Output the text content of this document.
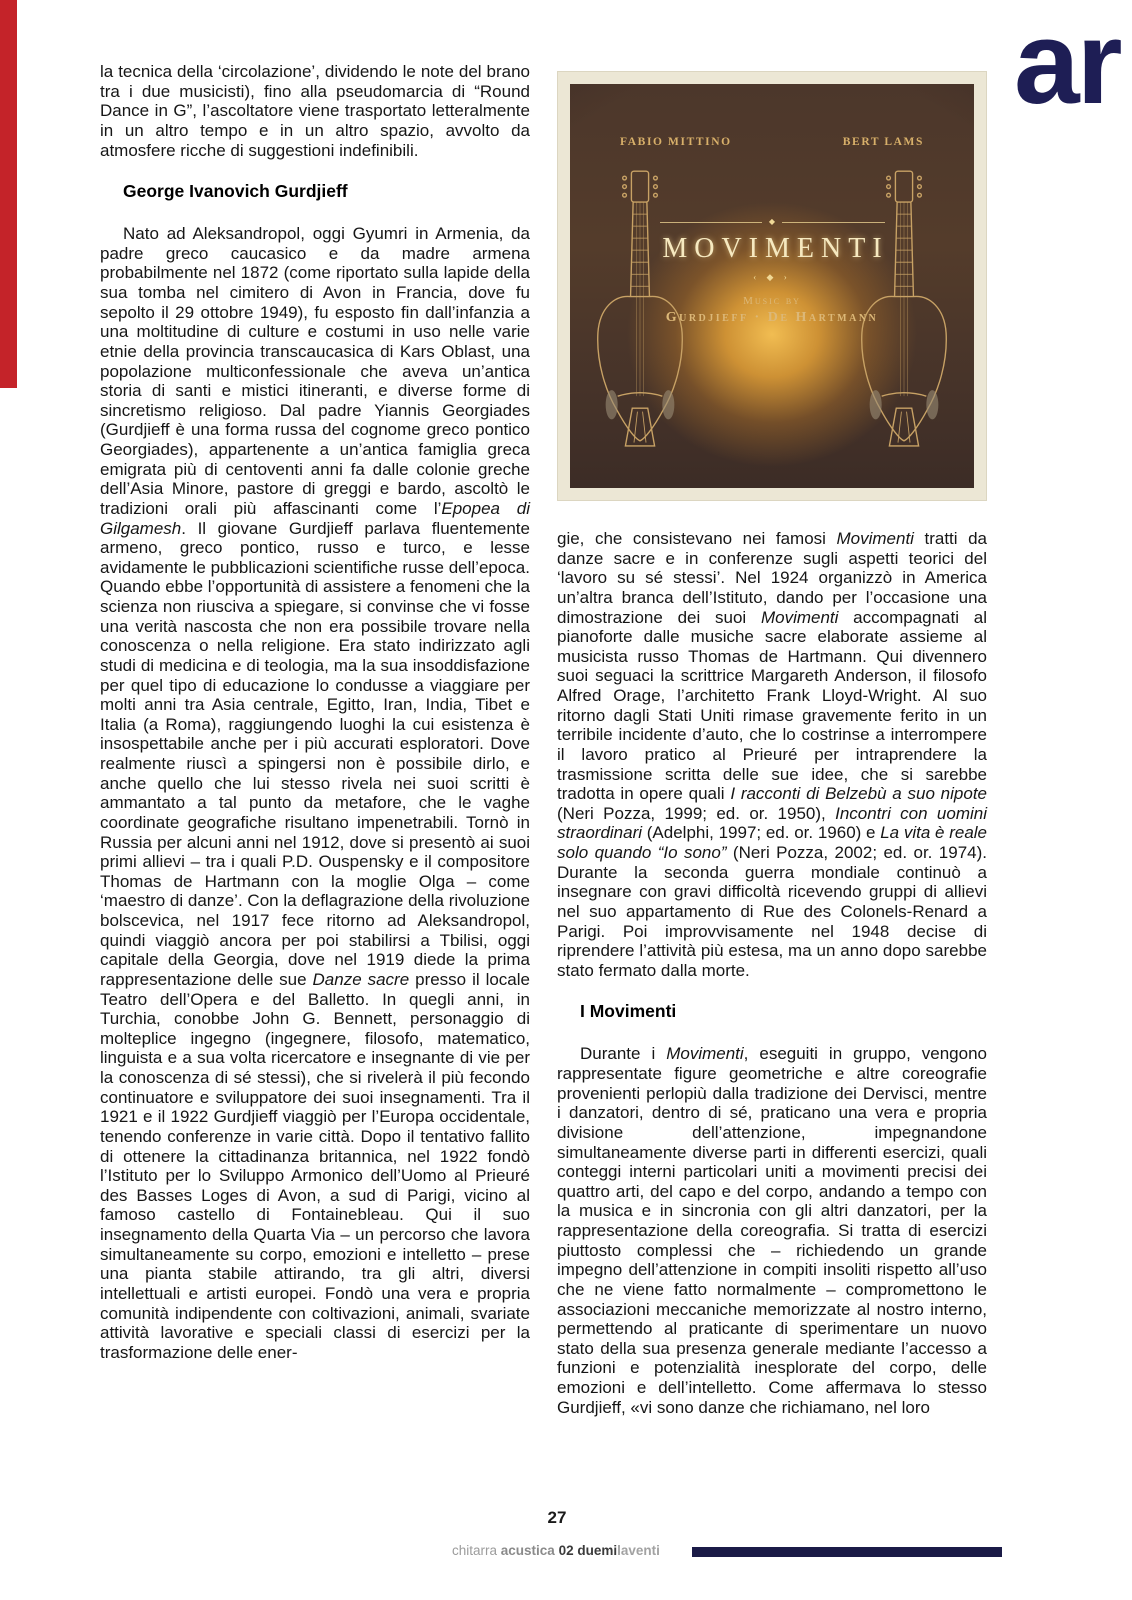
ar

la tecnica della ‘circolazione’, dividendo le note del brano tra i due musicisti), fino alla pseudomarcia di “Round Dance in G”, l’ascoltatore viene trasportato letteralmente in un altro tempo e in un altro spazio, avvolto da atmosfere ricche di suggestioni indefinibili.

George Ivanovich Gurdjieff

Nato ad Aleksandropol, oggi Gyumri in Armenia, da padre greco caucasico e da madre armena probabilmente nel 1872 (come riportato sulla lapide della sua tomba nel cimitero di Avon in Francia, dove fu sepolto il 29 ottobre 1949), fu esposto fin dall’infanzia a una moltitudine di culture e costumi in uso nelle varie etnie della provincia transcaucasica di Kars Oblast, una popolazione multiconfessionale che aveva un’antica storia di santi e mistici itineranti, e diverse forme di sincretismo religioso. Dal padre Yiannis Georgiades (Gurdjieff è una forma russa del cognome greco pontico Georgiades), appartenente a un’antica famiglia greca emigrata più di centoventi anni fa dalle colonie greche dell’Asia Minore, pastore di greggi e bardo, ascoltò le tradizioni orali più affascinanti come l’Epopea di Gilgamesh. Il giovane Gurdjieff parlava fluentemente armeno, greco pontico, russo e turco, e lesse avidamente le pubblicazioni scientifiche russe dell’epoca. Quando ebbe l’opportunità di assistere a fenomeni che la scienza non riusciva a spiegare, si convinse che vi fosse una verità nascosta che non era possibile trovare nella conoscenza o nella religione. Era stato indirizzato agli studi di medicina e di teologia, ma la sua insoddisfazione per quel tipo di educazione lo condusse a viaggiare per molti anni tra Asia centrale, Egitto, Iran, India, Tibet e Italia (a Roma), raggiungendo luoghi la cui esistenza è insospettabile anche per i più accurati esploratori. Dove realmente riuscì a spingersi non è possibile dirlo, e anche quello che lui stesso rivela nei suoi scritti è ammantato a tal punto da metafore, che le vaghe coordinate geografiche risultano impenetrabili. Tornò in Russia per alcuni anni nel 1912, dove si presentò ai suoi primi allievi – tra i quali P.D. Ouspensky e il compositore Thomas de Hartmann con la moglie Olga – come ‘maestro di danze’. Con la deflagrazione della rivoluzione bolscevica, nel 1917 fece ritorno ad Aleksandropol, quindi viaggiò ancora per poi stabilirsi a Tbilisi, oggi capitale della Georgia, dove nel 1919 diede la prima rappresentazione delle sue Danze sacre presso il locale Teatro dell’Opera e del Balletto. In quegli anni, in Turchia, conobbe John G. Bennett, personaggio di molteplice ingegno (ingegnere, filosofo, matematico, linguista e a sua volta ricercatore e insegnante di vie per la conoscenza di sé stessi), che si rivelerà il più fecondo continuatore e sviluppatore dei suoi insegnamenti. Tra il 1921 e il 1922 Gurdjieff viaggiò per l’Europa occidentale, tenendo conferenze in varie città. Dopo il tentativo fallito di ottenere la cittadinanza britannica, nel 1922 fondò l’Istituto per lo Sviluppo Armonico dell’Uomo al Prieuré des Basses Loges di Avon, a sud di Parigi, vicino al famoso castello di Fontainebleau. Qui il suo insegnamento della Quarta Via – un percorso che lavora simultaneamente su corpo, emozioni e intelletto – prese una pianta stabile attirando, tra gli altri, diversi intellettuali e artisti europei. Fondò una vera e propria comunità indipendente con coltivazioni, animali, svariate attività lavorative e speciali classi di esercizi per la trasformazione delle ener-

FABIO MITTINO	BERT LAMS
◆
MOVIMENTI
‹ ◆ ›
Music by
Gurdjieff · De Hartmann

gie, che consistevano nei famosi Movimenti tratti da danze sacre e in conferenze sugli aspetti teorici del ‘lavoro su sé stessi’. Nel 1924 organizzò in America un’altra branca dell’Istituto, dando per l’occasione una dimostrazione dei suoi Movimenti accompagnati al pianoforte dalle musiche sacre elaborate assieme al musicista russo Thomas de Hartmann. Qui divennero suoi seguaci la scrittrice Margareth Anderson, il filosofo Alfred Orage, l’architetto Frank Lloyd-Wright. Al suo ritorno dagli Stati Uniti rimase gravemente ferito in un terribile incidente d’auto, che lo costrinse a interrompere il lavoro pratico al Prieuré per intraprendere la trasmissione scritta delle sue idee, che si sarebbe tradotta in opere quali I racconti di Belzebù a suo nipote (Neri Pozza, 1999; ed. or. 1950), Incontri con uomini straordinari (Adelphi, 1997; ed. or. 1960) e La vita è reale solo quando “Io sono” (Neri Pozza, 2002; ed. or. 1974). Durante la seconda guerra mondiale continuò a insegnare con gravi difficoltà ricevendo gruppi di allievi nel suo appartamento di Rue des Colonels-Renard a Parigi. Poi improvvisamente nel 1948 decise di riprendere l’attività più estesa, ma un anno dopo sarebbe stato fermato dalla morte.

I Movimenti

Durante i Movimenti, eseguiti in gruppo, vengono rappresentate figure geometriche e altre coreografie provenienti perlopiù dalla tradizione dei Dervisci, mentre i danzatori, dentro di sé, praticano una vera e propria divisione dell’attenzione, impegnandone simultaneamente diverse parti in differenti esercizi, quali conteggi interni particolari uniti a movimenti precisi dei quattro arti, del capo e del corpo, andando a tempo con la musica e in sincronia con gli altri danzatori, per la rappresentazione della coreografia. Si tratta di esercizi piuttosto complessi che – richiedendo un grande impegno dell’attenzione in compiti insoliti rispetto all’uso che ne viene fatto normalmente – compromettono le associazioni meccaniche memorizzate al nostro interno, permettendo al praticante di sperimentare un nuovo stato della sua presenza generale mediante l’accesso a funzioni e potenzialità inesplorate del corpo, delle emozioni e dell’intelletto. Come affermava lo stesso Gurdjieff, «vi sono danze che richiamano, nel loro

27
chitarra acustica 02 duemilaventi
